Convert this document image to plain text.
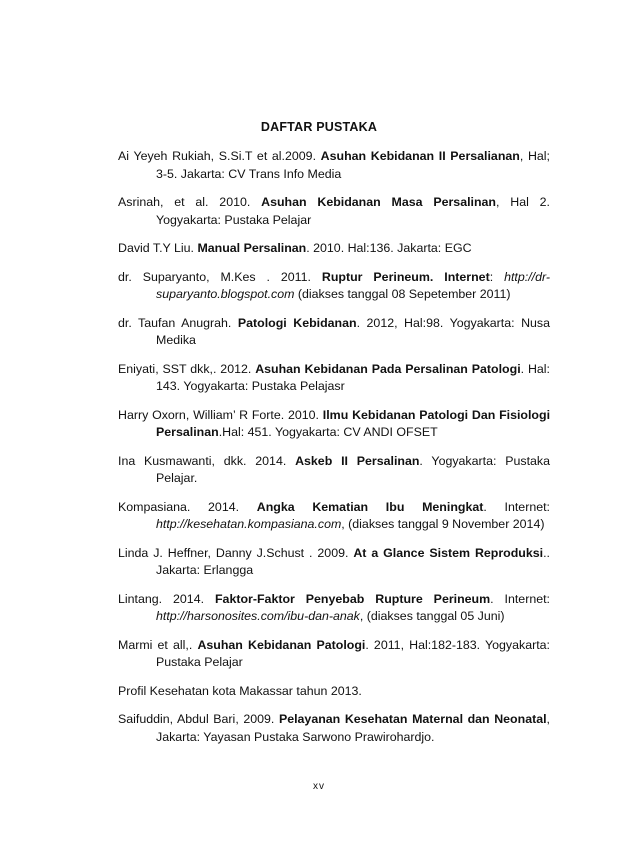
DAFTAR PUSTAKA

Ai Yeyeh Rukiah, S.Si.T et al.2009. Asuhan Kebidanan II Persalianan, Hal; 3-5. Jakarta: CV Trans Info Media

Asrinah, et al. 2010. Asuhan Kebidanan Masa Persalinan, Hal 2. Yogyakarta: Pustaka Pelajar

David T.Y Liu. Manual Persalinan. 2010. Hal:136. Jakarta: EGC

dr. Suparyanto, M.Kes . 2011. Ruptur Perineum. Internet: http://dr-suparyanto.blogspot.com (diakses tanggal 08 Sepetember 2011)

dr. Taufan Anugrah. Patologi Kebidanan. 2012, Hal:98. Yogyakarta: Nusa Medika

Eniyati, SST dkk,. 2012. Asuhan Kebidanan Pada Persalinan Patologi. Hal: 143. Yogyakarta: Pustaka Pelajasr

Harry Oxorn, William’ R Forte. 2010. Ilmu Kebidanan Patologi Dan Fisiologi Persalinan.Hal: 451. Yogyakarta: CV ANDI OFSET

Ina Kusmawanti, dkk. 2014. Askeb II Persalinan. Yogyakarta: Pustaka Pelajar.

Kompasiana. 2014. Angka Kematian Ibu Meningkat. Internet: http://kesehatan.kompasiana.com, (diakses tanggal 9 November 2014)

Linda J. Heffner, Danny J.Schust . 2009. At a Glance Sistem Reproduksi.. Jakarta: Erlangga

Lintang. 2014. Faktor-Faktor Penyebab Rupture Perineum. Internet: http://harsonosites.com/ibu-dan-anak, (diakses tanggal 05 Juni)

Marmi et all,. Asuhan Kebidanan Patologi. 2011, Hal:182-183. Yogyakarta: Pustaka Pelajar

Profil Kesehatan kota Makassar tahun 2013.

Saifuddin, Abdul Bari, 2009. Pelayanan Kesehatan Maternal dan Neonatal, Jakarta: Yayasan Pustaka Sarwono Prawirohardjo.

xv
